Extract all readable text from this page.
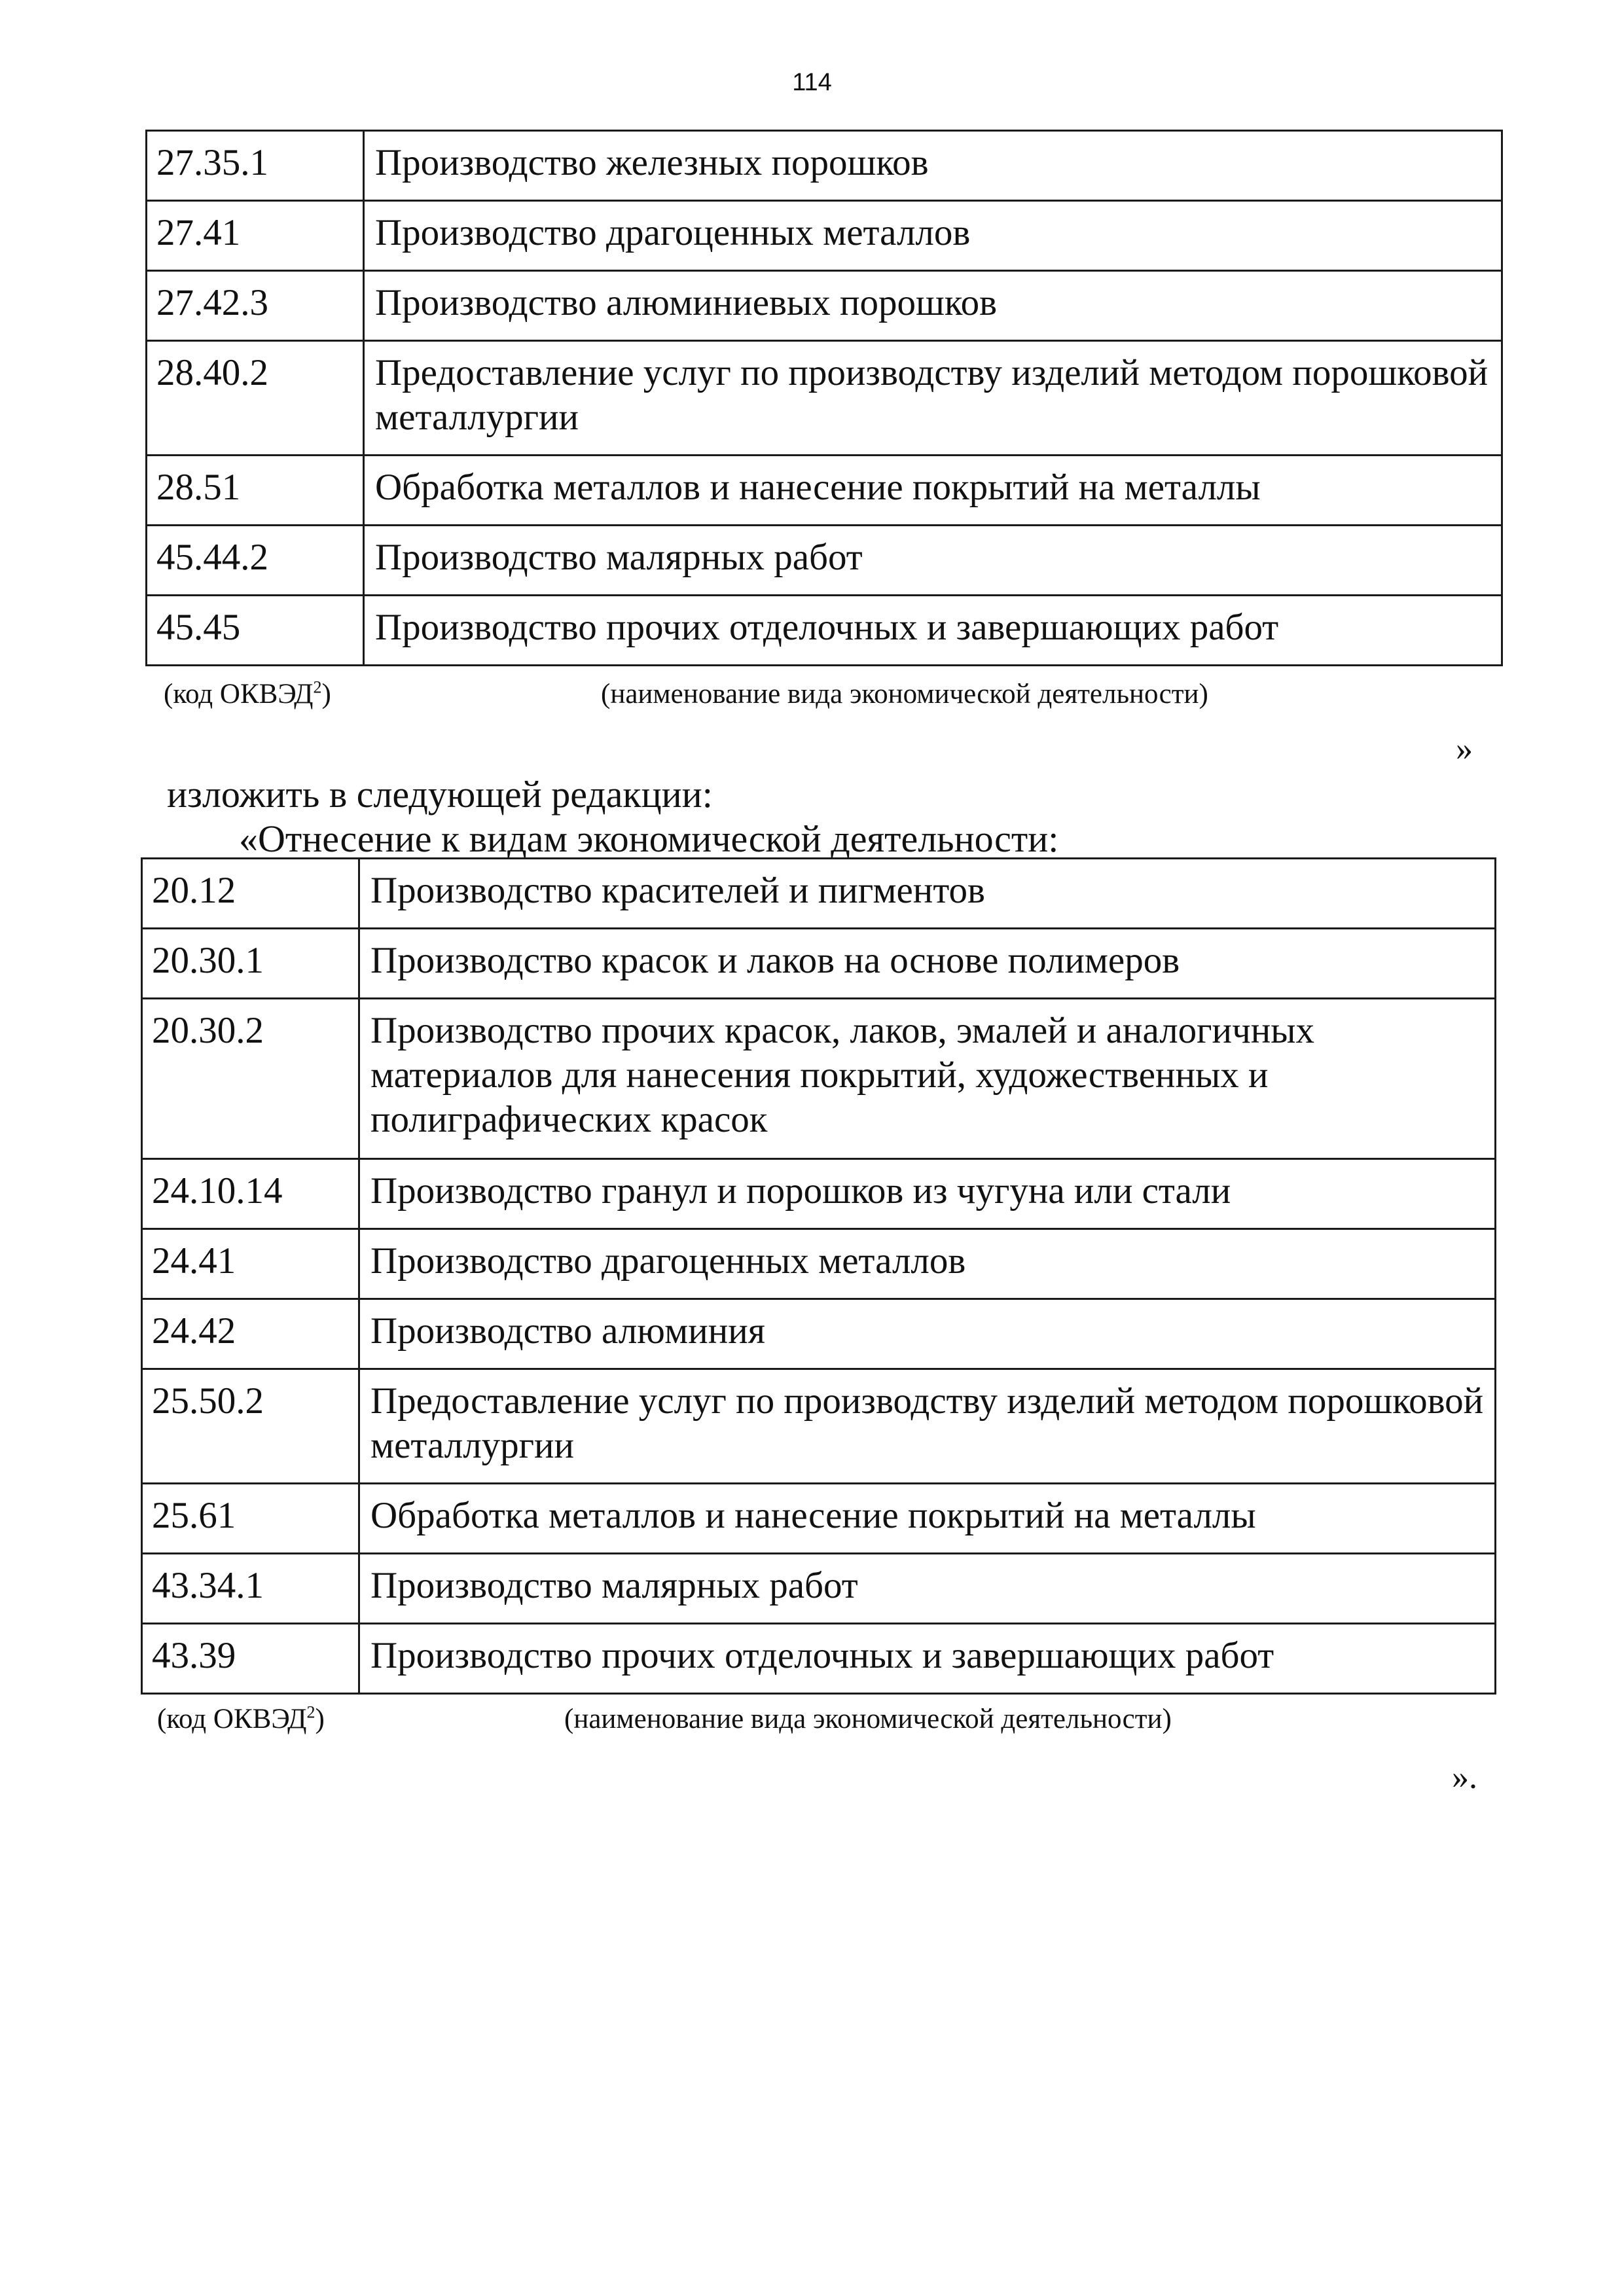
114
27.35.1	Производство железных порошков
27.41	Производство драгоценных металлов
27.42.3	Производство алюминиевых порошков
28.40.2	Предоставление услуг по производству изделий методом порошковой металлургии
28.51	Обработка металлов и нанесение покрытий на металлы
45.44.2	Производство малярных работ
45.45	Производство прочих отделочных и завершающих работ
(код ОКВЭД$^2$)	(наименование вида экономической деятельности)
»
изложить в следующей редакции:
«Отнесение к видам экономической деятельности:
20.12	Производство красителей и пигментов
20.30.1	Производство красок и лаков на основе полимеров
20.30.2	Производство прочих красок, лаков, эмалей и аналогичных материалов для нанесения покрытий, художественных и полиграфических красок
24.10.14	Производство гранул и порошков из чугуна или стали
24.41	Производство драгоценных металлов
24.42	Производство алюминия
25.50.2	Предоставление услуг по производству изделий методом порошковой металлургии
25.61	Обработка металлов и нанесение покрытий на металлы
43.34.1	Производство малярных работ
43.39	Производство прочих отделочных и завершающих работ
(код ОКВЭД$^2$)	(наименование вида экономической деятельности)
».
